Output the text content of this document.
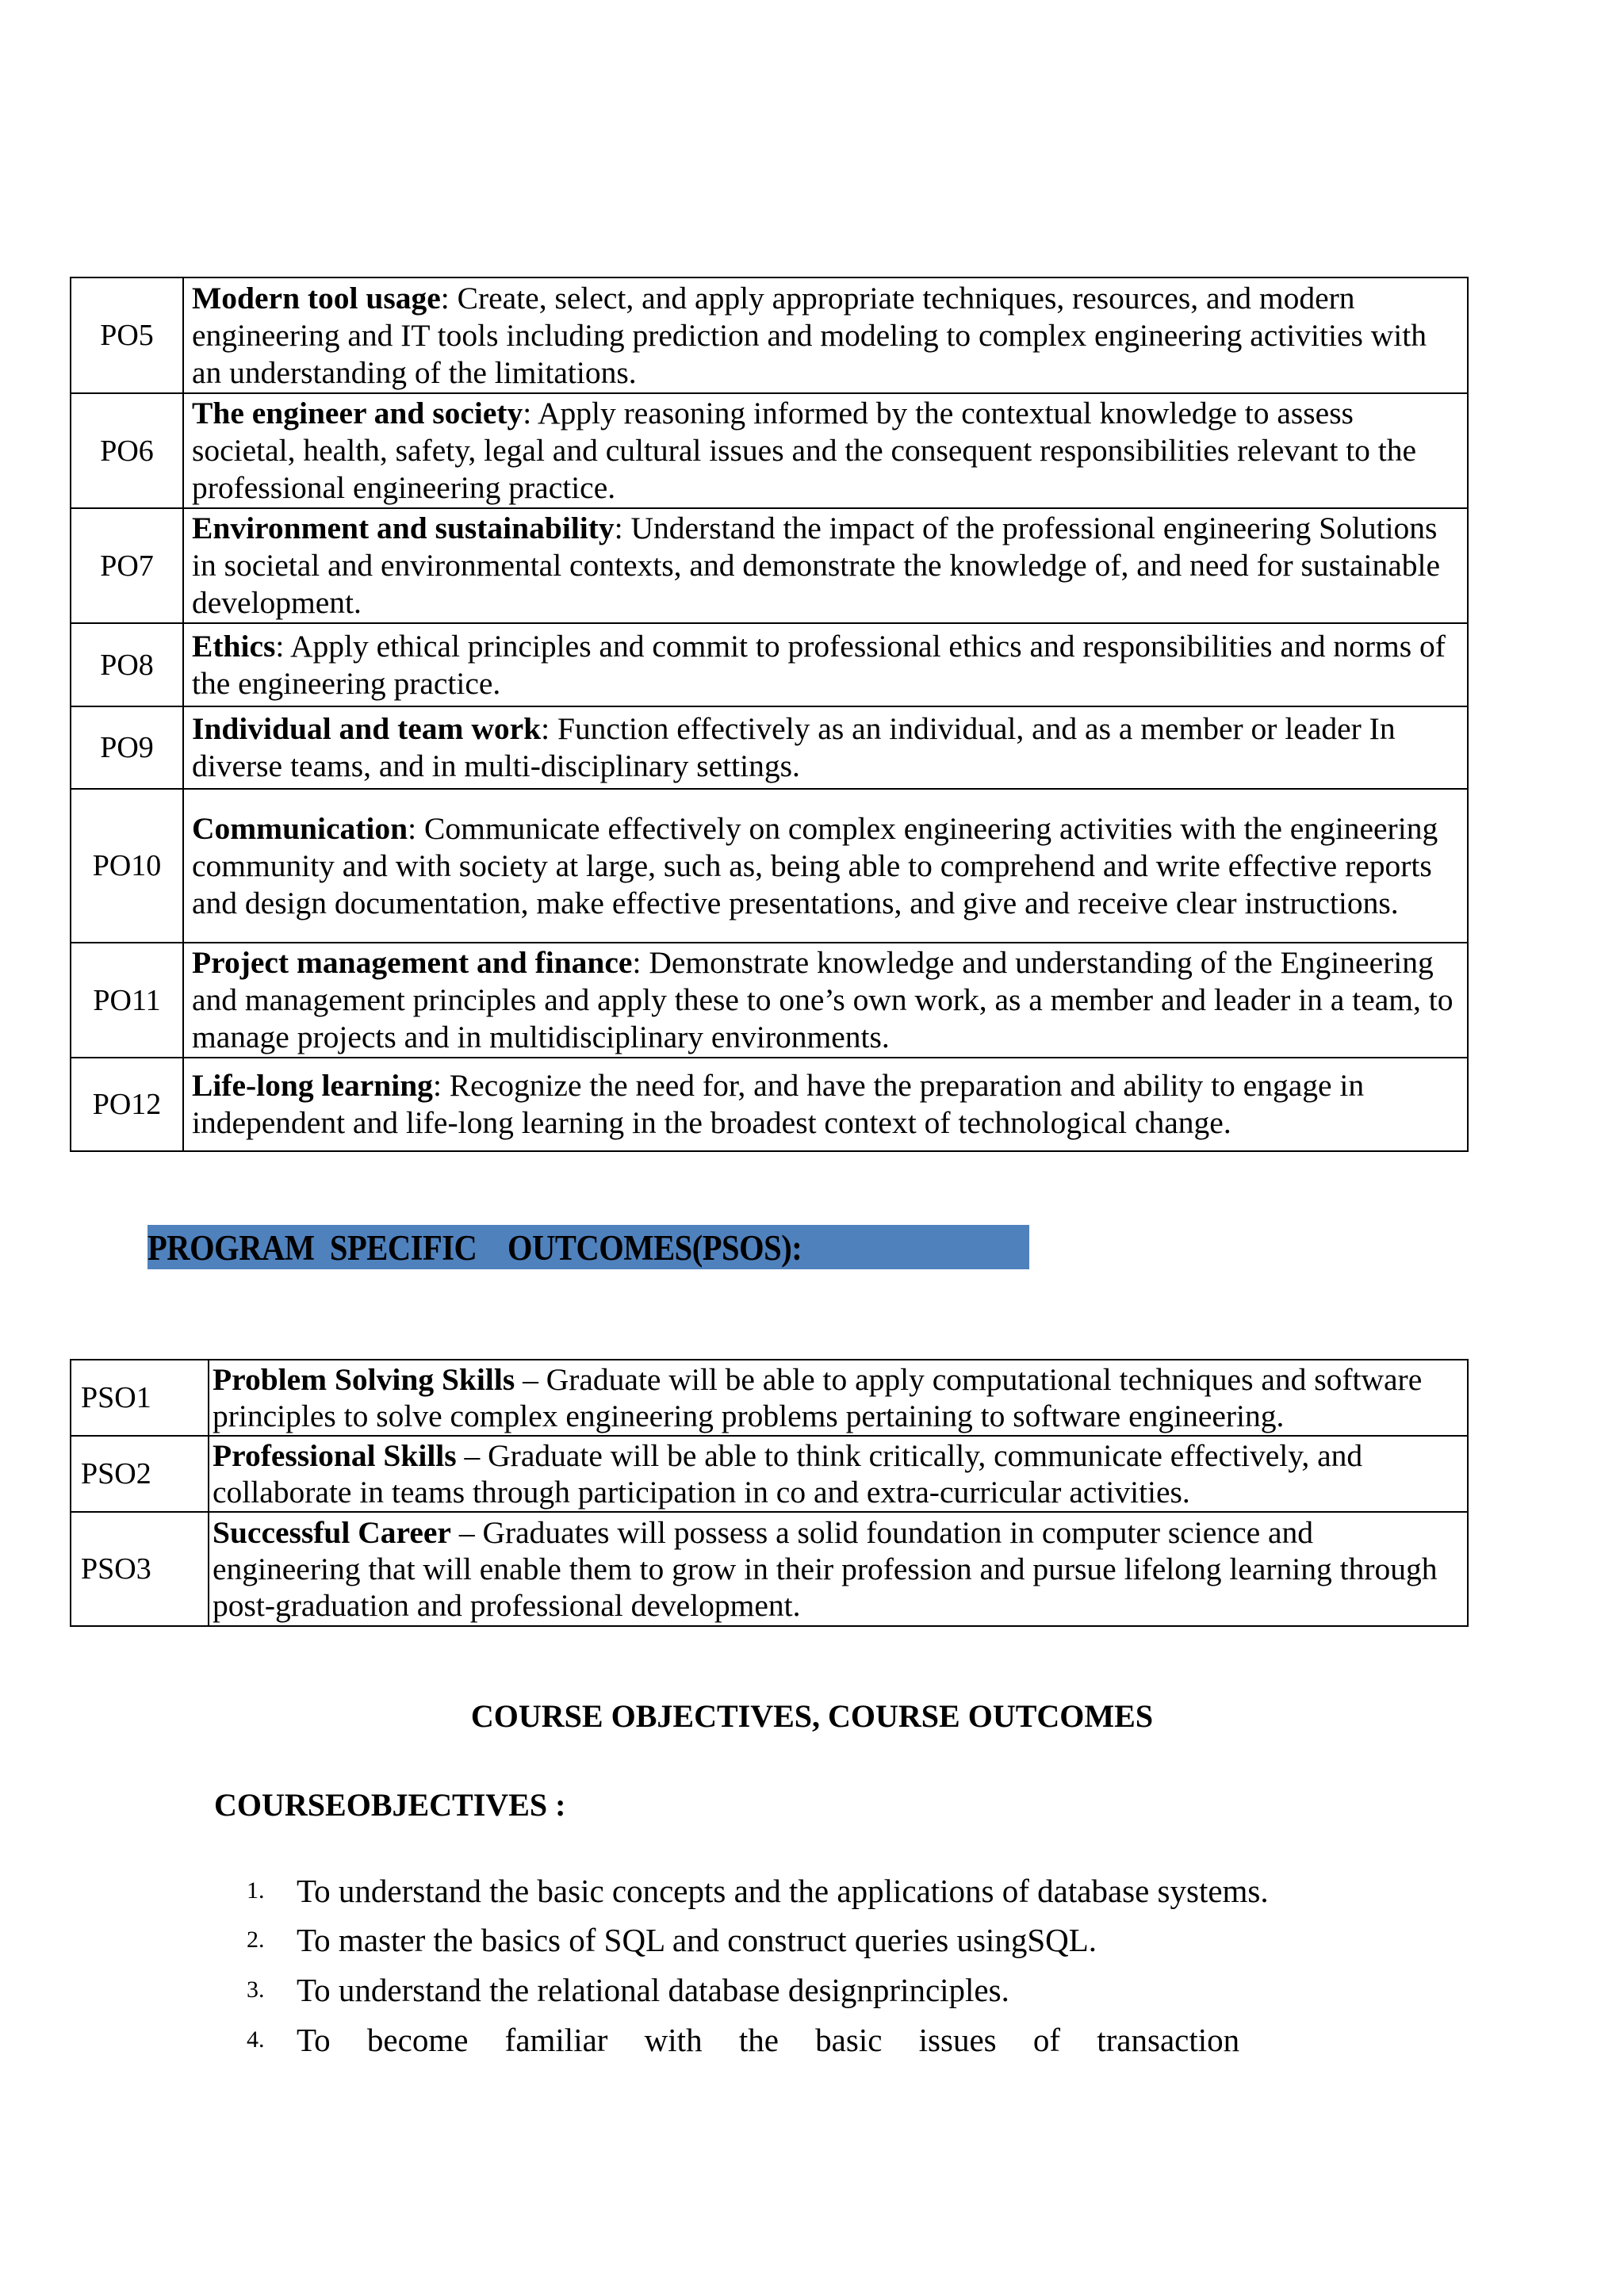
PO5	Modern tool usage: Create, select, and apply appropriate techniques, resources, and modern engineering and IT tools including prediction and modeling to complex engineering activities with an understanding of the limitations.
PO6	The engineer and society: Apply reasoning informed by the contextual knowledge to assess societal, health, safety, legal and cultural issues and the consequent responsibilities relevant to the professional engineering practice.
PO7	Environment and sustainability: Understand the impact of the professional engineering Solutions in societal and environmental contexts, and demonstrate the knowledge of, and need for sustainable development.
PO8	Ethics: Apply ethical principles and commit to professional ethics and responsibilities and norms of the engineering practice.
PO9	Individual and team work: Function effectively as an individual, and as a member or leader In diverse teams, and in multi-disciplinary settings.
PO10	Communication: Communicate effectively on complex engineering activities with the engineering community and with society at large, such as, being able to comprehend and write effective reports and design documentation, make effective presentations, and give and receive clear instructions.
PO11	Project management and finance: Demonstrate knowledge and understanding of the Engineering and management principles and apply these to one’s own work, as a member and leader in a team, to manage projects and in multidisciplinary environments.
PO12	Life-long learning: Recognize the need for, and have the preparation and ability to engage in independent and life-long learning in the broadest context of technological change.
PROGRAM  SPECIFIC    OUTCOMES(PSOS):
PSO1	Problem Solving Skills – Graduate will be able to apply computational techniques and software principles to solve complex engineering problems pertaining to software engineering.
PSO2	Professional Skills – Graduate will be able to think critically, communicate effectively, and collaborate in teams through participation in co and extra-curricular activities.
PSO3	Successful Career – Graduates will possess a solid foundation in computer science and engineering that will enable them to grow in their profession and pursue lifelong learning through post-graduation and professional development.
COURSE OBJECTIVES, COURSE OUTCOMES
COURSEOBJECTIVES :
1. To understand the basic concepts and the applications of database systems.
2. To master the basics of SQL and construct queries usingSQL.
3. To understand the relational database designprinciples.
4. To become familiar with the basic issues of transaction
